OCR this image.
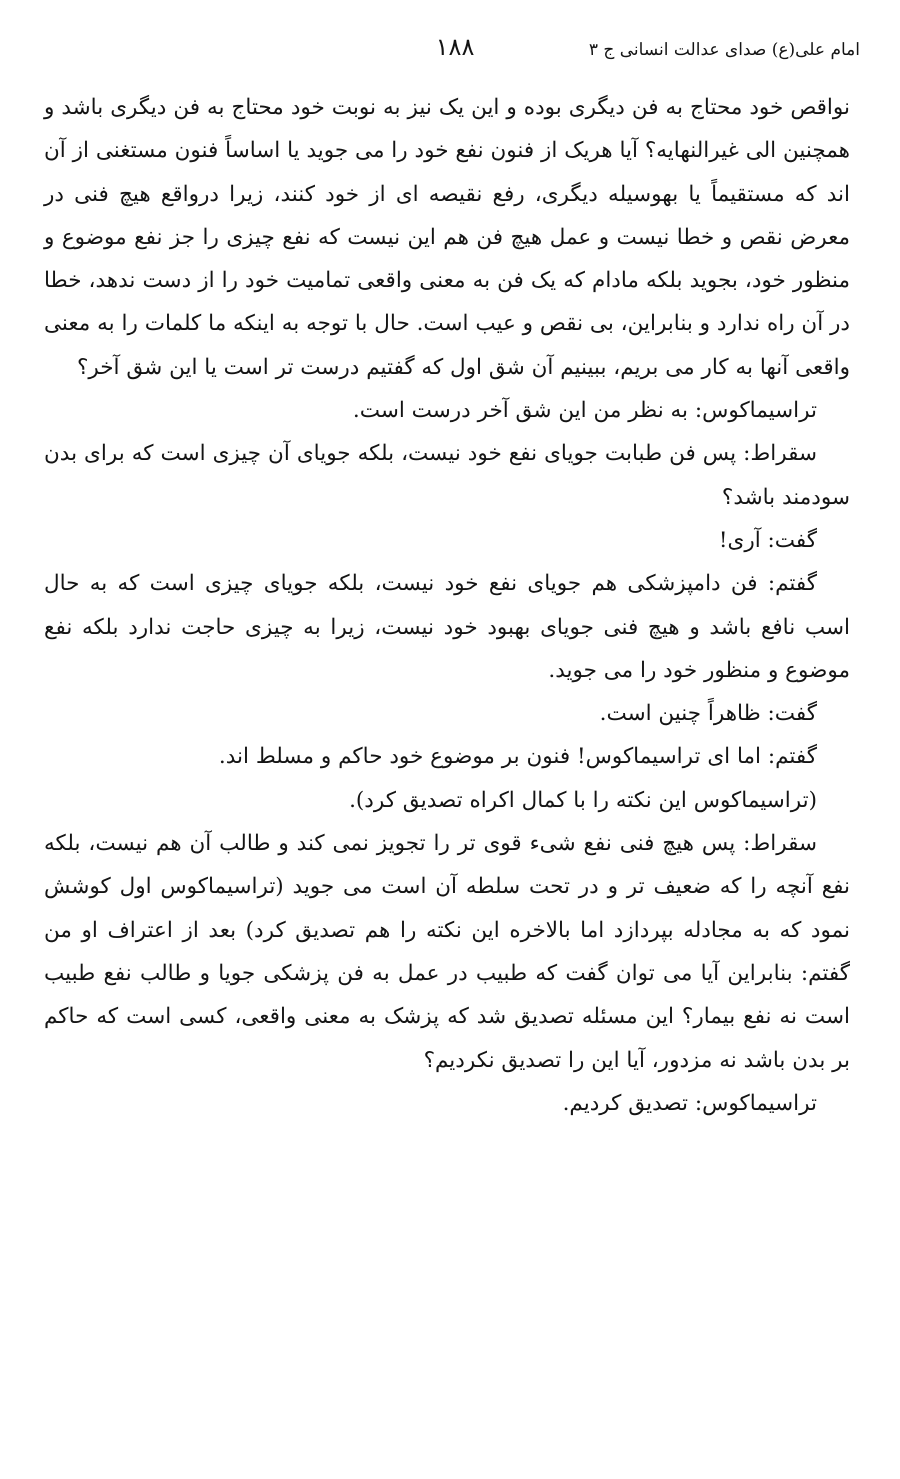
امام علی(ع) صدای عدالت انسانی ج ۳
۱۸۸

نواقص خود محتاج به فن دیگری بوده و این یک نیز به نوبت خود محتاج به فن دیگری باشد و همچنین الی غیرالنهایه؟ آیا هریک از فنون نفع خود را می جوید یا اساساً فنون مستغنی از آن اند که مستقیماً یا بهوسیله دیگری، رفع نقیصه ای از خود کنند، زیرا درواقع هیچ فنی در معرض نقص و خطا نیست و عمل هیچ فن هم این نیست که نفع چیزی را جز نفع موضوع و منظور خود، بجوید بلکه مادام که یک فن به معنی واقعی تمامیت خود را از دست ندهد، خطا در آن راه ندارد و بنابراین، بی نقص و عیب است. حال با توجه به اینکه ما کلمات را به معنی واقعی آنها به کار می بریم، ببینیم آن شق اول که گفتیم درست تر است یا این شق آخر؟

تراسیماکوس: به نظر من این شق آخر درست است.

سقراط: پس فن طبابت جویای نفع خود نیست، بلکه جویای آن چیزی است که برای بدن سودمند باشد؟

گفت: آری!

گفتم: فن دامپزشکی هم جویای نفع خود نیست، بلکه جویای چیزی است که به حال اسب نافع باشد و هیچ فنی جویای بهبود خود نیست، زیرا به چیزی حاجت ندارد بلکه نفع موضوع و منظور خود را می جوید.

گفت: ظاهراً چنین است.

گفتم: اما ای تراسیماکوس! فنون بر موضوع خود حاکم و مسلط اند.

(تراسیماکوس این نکته را با کمال اکراه تصدیق کرد).

سقراط: پس هیچ فنی نفع شیء قوی تر را تجویز نمی کند و طالب آن هم نیست، بلکه نفع آنچه را که ضعیف تر و در تحت سلطه آن است می جوید (تراسیماکوس اول کوشش نمود که به مجادله بپردازد اما بالاخره این نکته را هم تصدیق کرد) بعد از اعتراف او من گفتم: بنابراین آیا می توان گفت که طبیب در عمل به فن پزشکی جویا و طالب نفع طبیب است نه نفع بیمار؟ این مسئله تصدیق شد که پزشک به معنی واقعی، کسی است که حاکم بر بدن باشد نه مزدور، آیا این را تصدیق نکردیم؟

تراسیماکوس: تصدیق کردیم.
